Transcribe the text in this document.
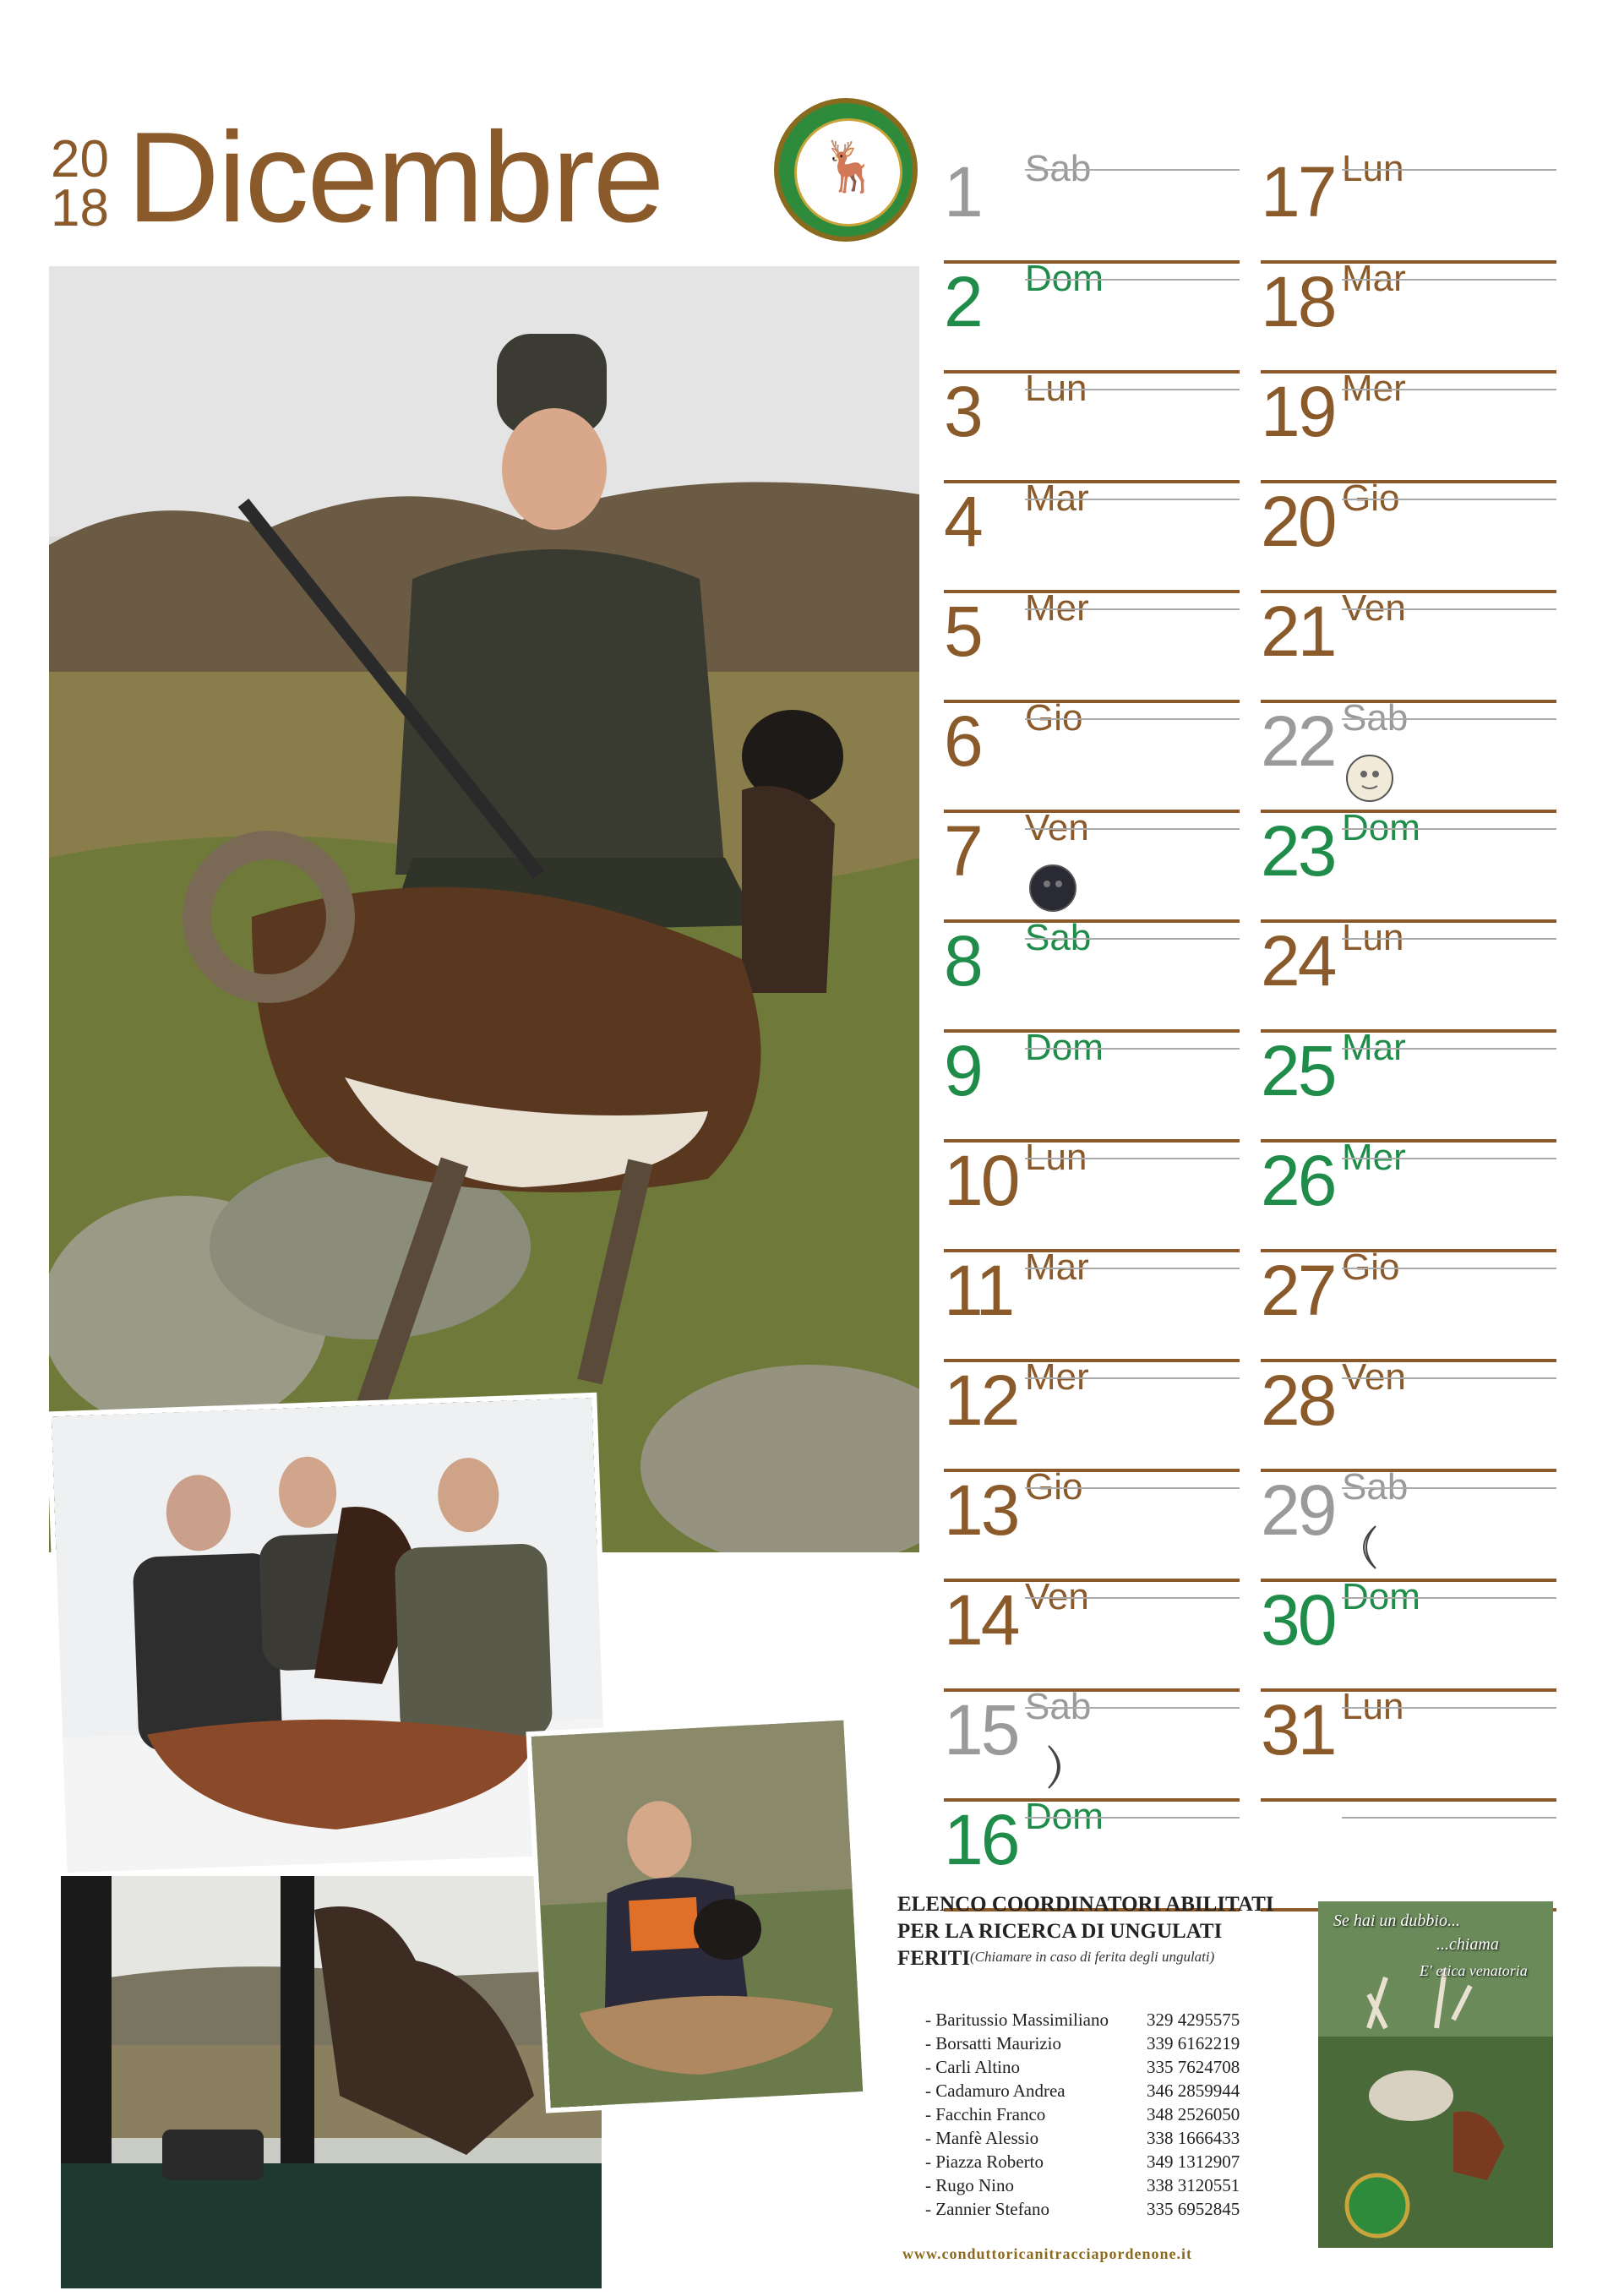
20
18 Dicembre	🦌 1 Sab
2 Dom
3 Lun
4 Mar
5 Mer
6 Gio
7 Ven
8 Sab
9 Dom
10 Lun
11 Mar
12 Mer
13 Gio
14 Ven
15 Sab
16 Dom
17 Lun
18 Mar
19 Mer
20 Gio
21 Ven
22 Sab
23 Dom
24 Lun
25 Mar
26 Mer
27 Gio
28 Ven
29 Sab
30 Dom
31 Lun
ELENCO COORDINATORI ABILITATI
PER LA RICERCA DI UNGULATI FERITI (Chiamare in caso di ferita degli ungulati)
- Baritussio Massimiliano 329 4295575
- Borsatti Maurizio	339 6162219
- Carli Altino	335 7624708
- Cadamuro Andrea	346 2859944
- Facchin Franco	348 2526050
- Manfè Alessio	338 1666433
- Piazza Roberto	349 1312907
- Rugo Nino	338 3120551
- Zannier Stefano	335 6952845
www.conduttoricanitracciapordenone.it
Se hai un dubbio...
...chiama
E' etica venatoria
